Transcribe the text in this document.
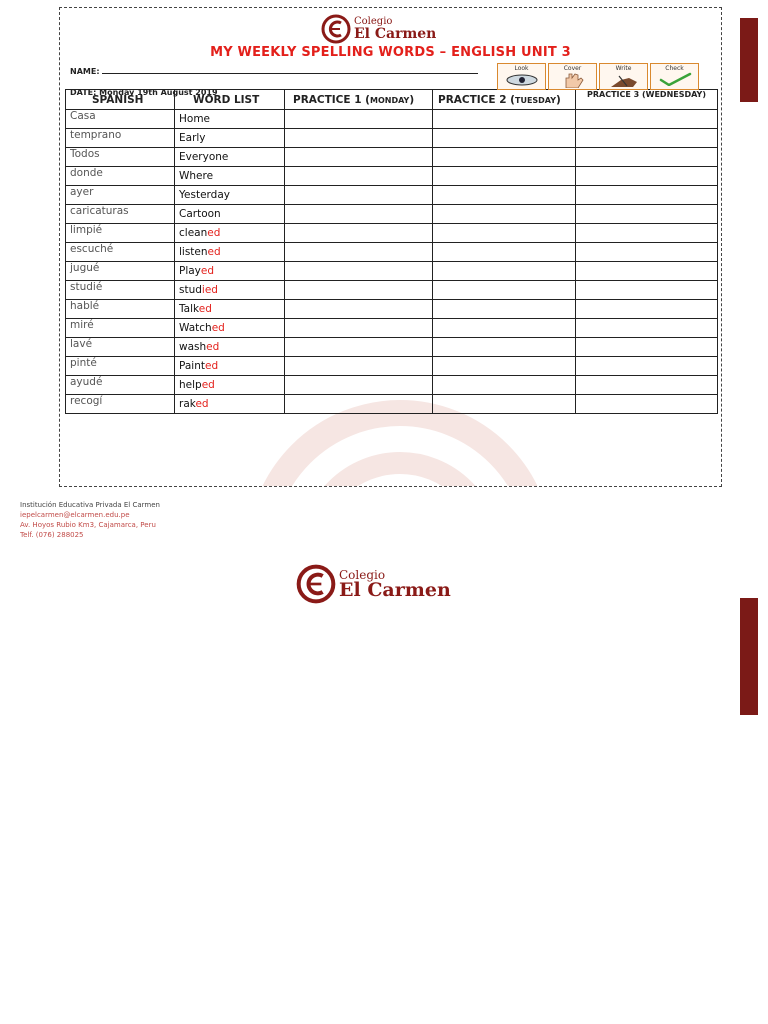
Colegio
El Carmen
MY WEEKLY SPELLING WORDS – ENGLISH UNIT 3
NAME:
DATE: Monday 19th August 2019
Look	Cover	Write	Check
SPANISH	WORD LIST	PRACTICE 1 (MONDAY)	PRACTICE 2 (TUESDAY)	PRACTICE 3 (WEDNESDAY)
Casa	Home			
temprano	Early			
Todos	Everyone			
donde	Where			
ayer	Yesterday			
caricaturas	Cartoon			
limpié	cleaned			
escuché	listened			
jugué	Played			
studié	studied			
hablé	Talked			
miré	Watched			
lavé	washed			
pinté	Painted			
ayudé	helped			
recogí	raked			
Colegio
El Carmen
Institución Educativa Privada El Carmen
iepelcarmen@elcarmen.edu.pe
Av. Hoyos Rubio Km3, Cajamarca, Peru
Telf. (076) 288025
